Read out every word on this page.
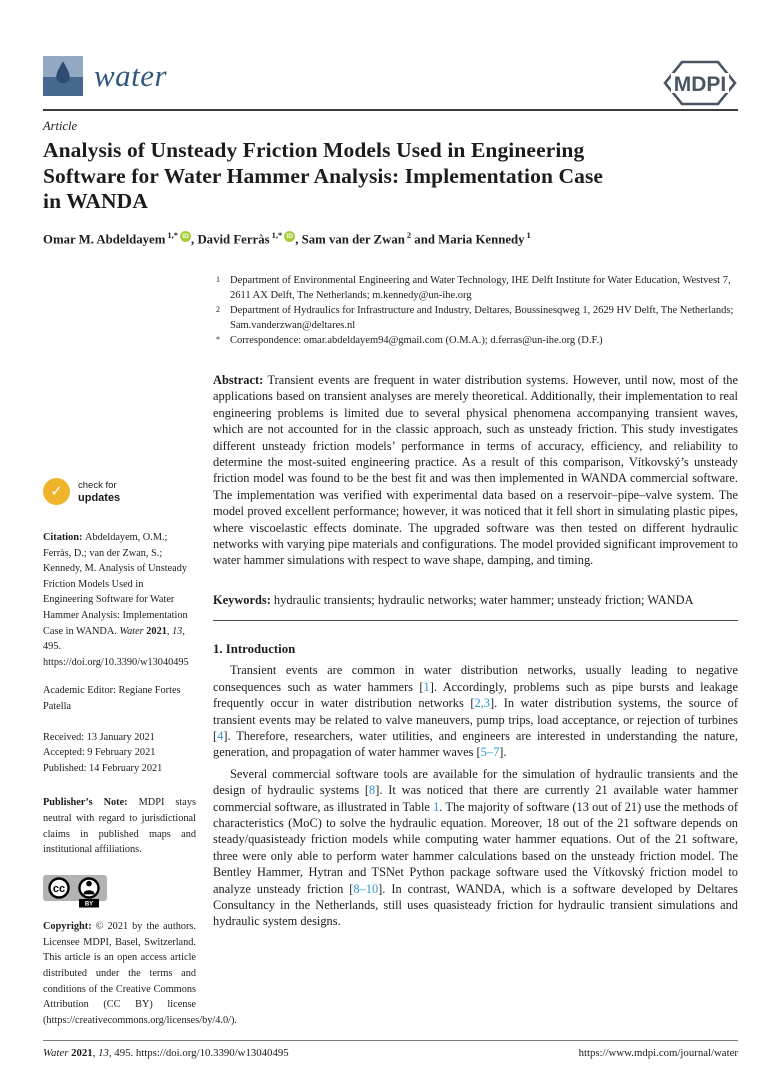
water	MDPI
Article
Analysis of Unsteady Friction Models Used in Engineering
Software for Water Hammer Analysis: Implementation Case
in WANDA
Omar M. Abdeldayem $^{1,*}$ iD , David Ferràs $^{1,*}$ iD , Sam van der Zwan $^2$ and Maria Kennedy $^1$
✓	check for
updates

Citation: Abdeldayem, O.M.; Ferràs, D.; van der Zwan, S.; Kennedy, M. Analysis of Unsteady Friction Models Used in Engineering Software for Water Hammer Analysis: Implementation Case in WANDA. Water 2021, 13, 495. https://doi.org/10.3390/w13040495

Academic Editor: Regiane Fortes Patella

Received: 13 January 2021
Accepted: 9 February 2021
Published: 14 February 2021

Publisher’s Note: MDPI stays neutral with regard to jurisdictional claims in published maps and institutional affiliations.

cc
BY

Copyright: © 2021 by the authors. Licensee MDPI, Basel, Switzerland. This article is an open access article distributed under the terms and conditions of the Creative Commons Attribution (CC BY) license (https://creativecommons.org/licenses/by/4.0/).

1 Department of Environmental Engineering and Water Technology, IHE Delft Institute for Water Education, Westvest 7, 2611 AX Delft, The Netherlands; m.kennedy@un-ihe.org
2 Department of Hydraulics for Infrastructure and Industry, Deltares, Boussinesqweg 1, 2629 HV Delft, The Netherlands; Sam.vanderzwan@deltares.nl
* Correspondence: omar.abdeldayem94@gmail.com (O.M.A.); d.ferras@un-ihe.org (D.F.)

Abstract: Transient events are frequent in water distribution systems. However, until now, most of the applications based on transient analyses are merely theoretical. Additionally, their implementation to real engineering problems is limited due to several physical phenomena accompanying transient waves, which are not accounted for in the classic approach, such as unsteady friction. This study investigates different unsteady friction models’ performance in terms of accuracy, efficiency, and reliability to determine the most-suited engineering practice. As a result of this comparison, Vítkovský’s unsteady friction model was found to be the best fit and was then implemented in WANDA commercial software. The implementation was verified with experimental data based on a reservoir–pipe–valve system. The model proved excellent performance; however, it was noticed that it fell short in simulating plastic pipes, where viscoelastic effects dominate. The upgraded software was then tested on different hydraulic networks with varying pipe materials and configurations. The model provided significant improvement to water hammer simulations with respect to wave shape, damping, and timing.

Keywords: hydraulic transients; hydraulic networks; water hammer; unsteady friction; WANDA

1. Introduction

Transient events are common in water distribution networks, usually leading to negative consequences such as water hammers [1]. Accordingly, problems such as pipe bursts and leakage frequently occur in water distribution networks [2,3]. In water distribution systems, the source of transient events may be related to valve maneuvers, pump trips, load acceptance, or rejection of turbines [4]. Therefore, researchers, water utilities, and engineers are interested in understanding the nature, generation, and propagation of water hammer waves [5–7].

Several commercial software tools are available for the simulation of hydraulic transients and the design of hydraulic systems [8]. It was noticed that there are currently 21 available water hammer commercial software, as illustrated in Table 1. The majority of software (13 out of 21) use the methods of characteristics (MoC) to solve the hydraulic equation. Moreover, 18 out of the 21 software depends on steady/quasisteady friction models while computing water hammer equations. Out of the 21 software, three were only able to perform water hammer calculations based on the unsteady friction model. The Bentley Hammer, Hytran and TSNet Python package software used the Vítkovský friction model to analyze unsteady friction [8–10]. In contrast, WANDA, which is a software developed by Deltares Consultancy in the Netherlands, still uses quasisteady friction for hydraulic transient simulations and hydraulic system designs.

Water 2021, 13, 495. https://doi.org/10.3390/w13040495	https://www.mdpi.com/journal/water
